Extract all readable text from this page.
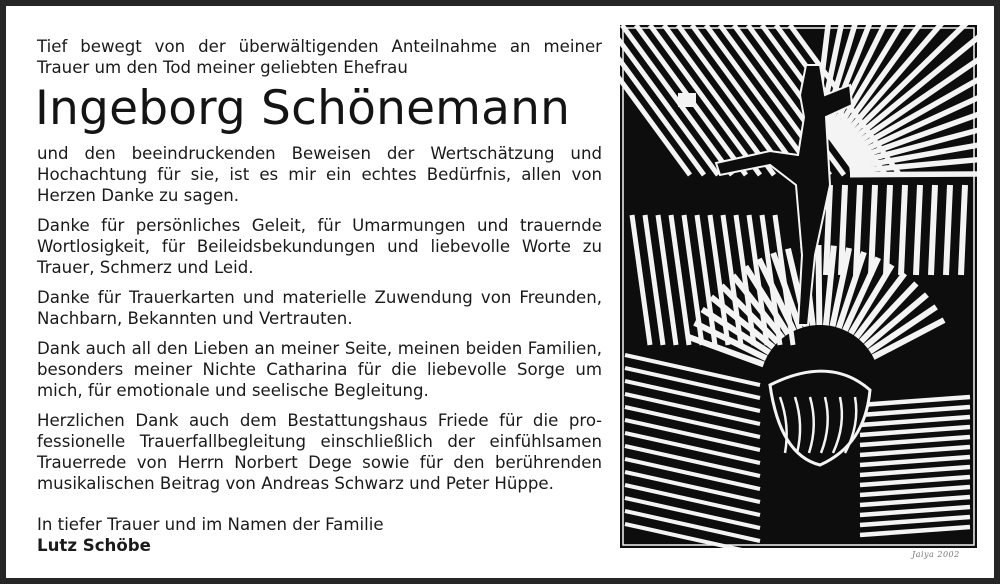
Tief bewegt von der überwältigenden Anteilnahme an meiner Trauer um den Tod meiner geliebten Ehefrau

Ingeborg Schönemann

und den beeindruckenden Beweisen der Wertschätzung und Hochachtung für sie, ist es mir ein echtes Bedürfnis, allen von Herzen Danke zu sagen.

Danke für persönliches Geleit, für Umarmungen und trauernde Wortlosigkeit, für Beileidsbekundungen und liebevolle Worte zu Trauer, Schmerz und Leid.

Danke für Trauerkarten und materielle Zuwendung von Freunden, Nachbarn, Bekannten und Vertrauten.

Dank auch all den Lieben an meiner Seite, meinen beiden Familien, besonders meiner Nichte Catharina für die liebevolle Sorge um mich, für emotionale und seelische Begleitung.

Herzlichen Dank auch dem Bestattungshaus Friede für die professionelle Trauerfallbegleitung einschließlich der einfühlsamen Trauerrede von Herrn Norbert Dege sowie für den berührenden musikalischen Beitrag von Andreas Schwarz und Peter Hüppe.

In tiefer Trauer und im Namen der Familie

Lutz Schöbe	Jaiya 2002
